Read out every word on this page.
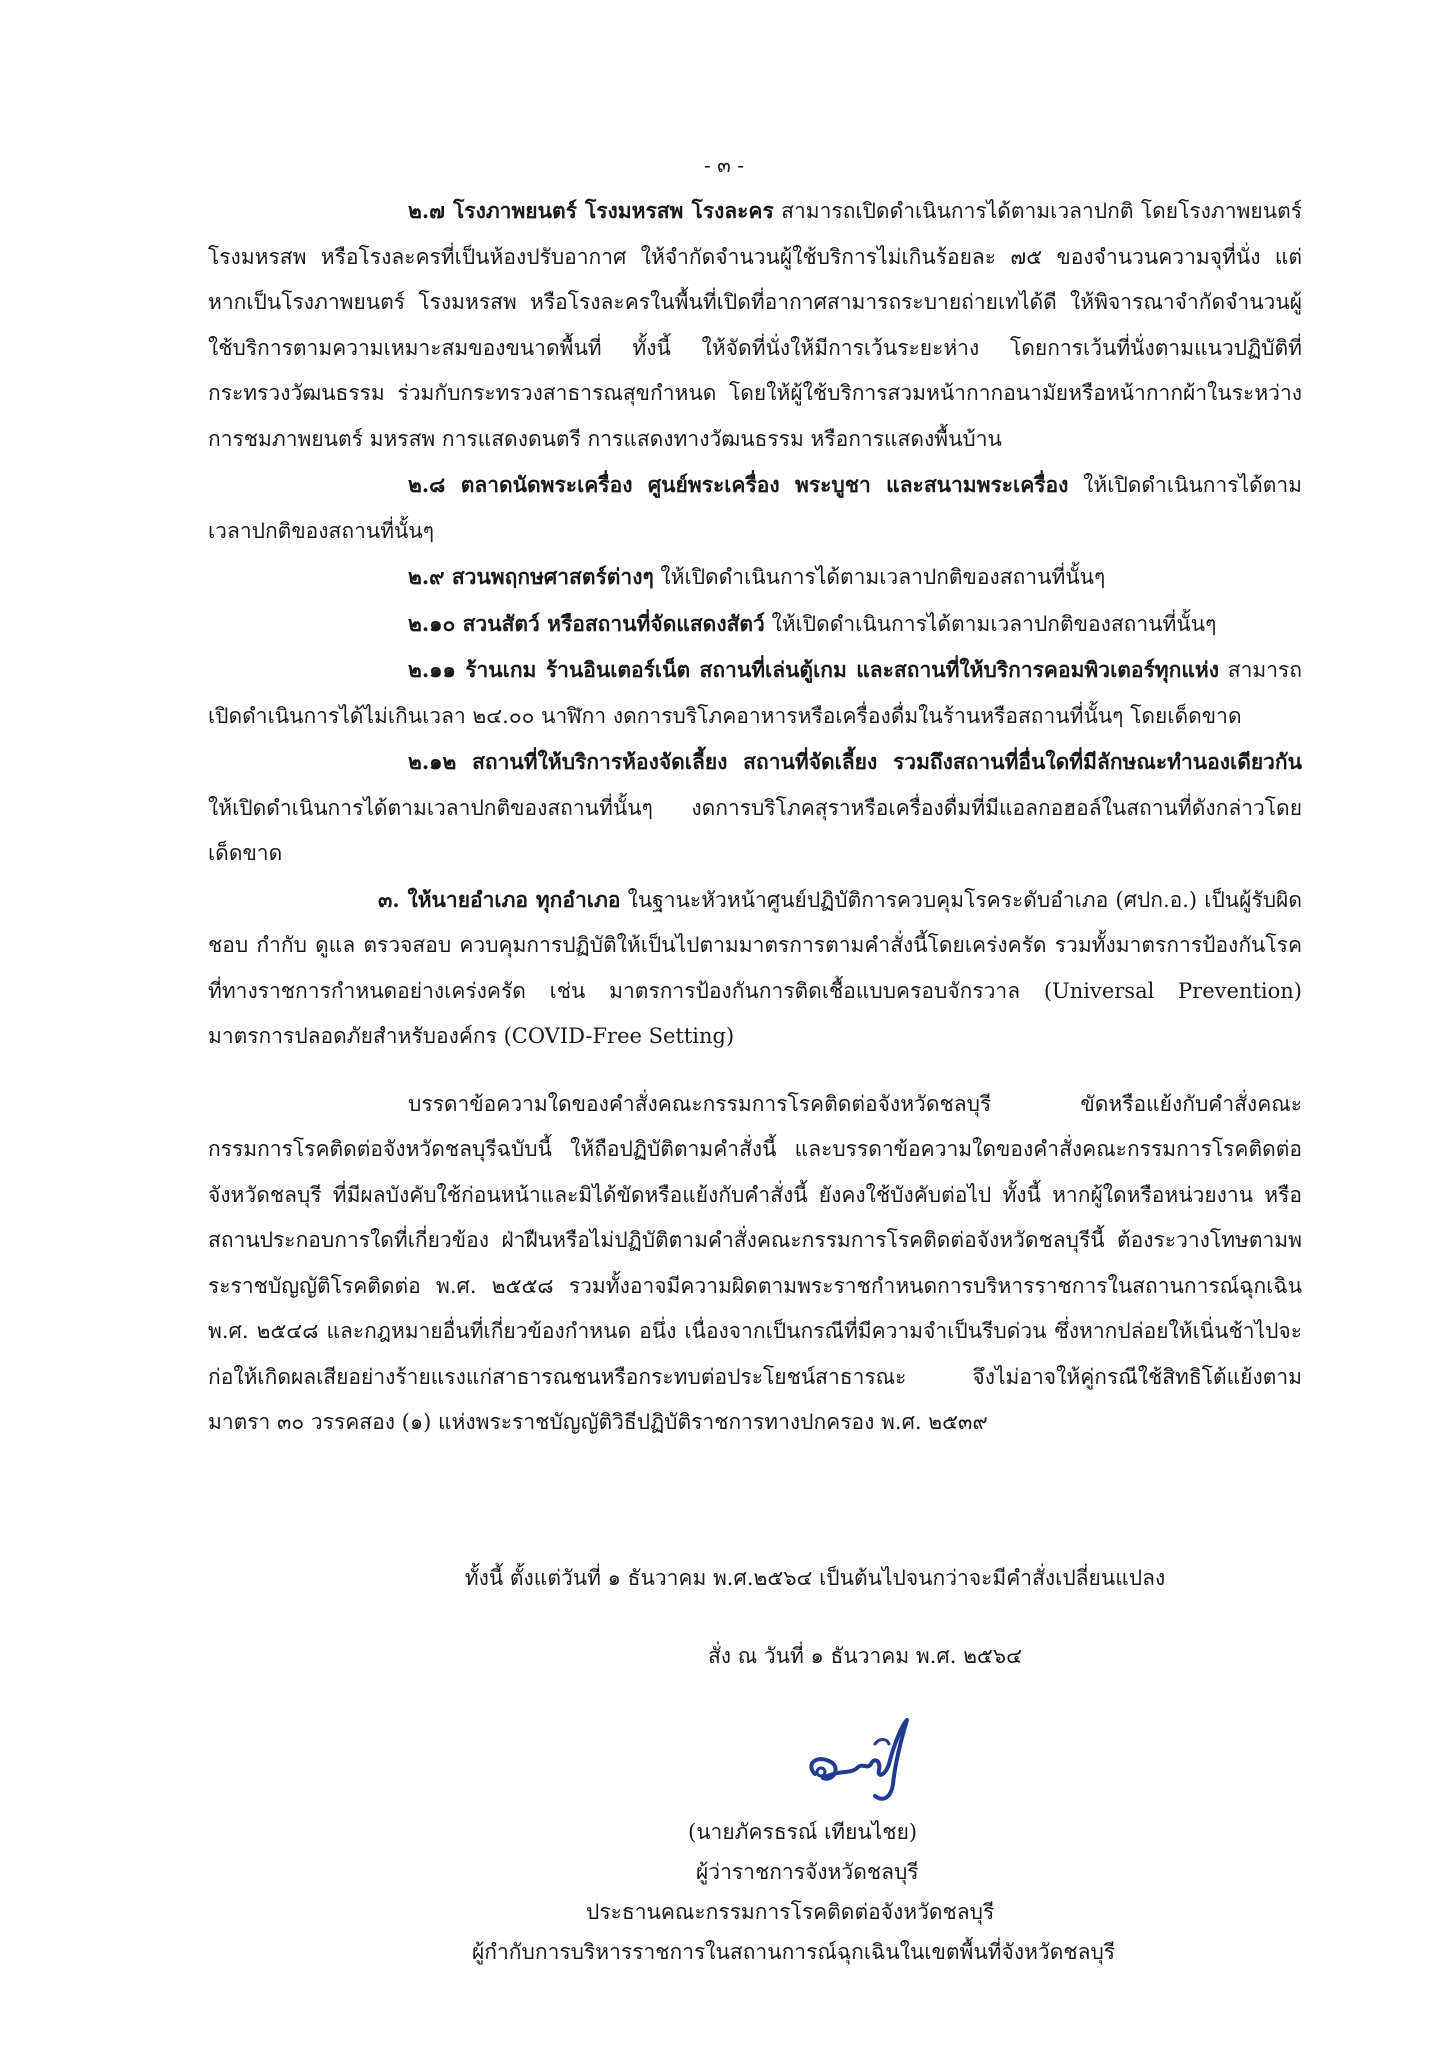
- ๓ -

๒.๗ โรงภาพยนตร์ โรงมหรสพ โรงละคร สามารถเปิดดำเนินการได้ตามเวลาปกติ โดยโรงภาพยนตร์ โรงมหรสพ หรือโรงละครที่เป็นห้องปรับอากาศ ให้จำกัดจำนวนผู้ใช้บริการไม่เกินร้อยละ ๗๕ ของจำนวนความจุที่นั่ง แต่หากเป็นโรงภาพยนตร์ โรงมหรสพ หรือโรงละครในพื้นที่เปิดที่อากาศสามารถระบายถ่ายเทได้ดี ให้พิจารณาจำกัดจำนวนผู้ใช้บริการตามความเหมาะสมของขนาดพื้นที่ ทั้งนี้ ให้จัดที่นั่งให้มีการเว้นระยะห่าง โดยการเว้นที่นั่งตามแนวปฏิบัติที่กระทรวงวัฒนธรรม ร่วมกับกระทรวงสาธารณสุขกำหนด โดยให้ผู้ใช้บริการสวมหน้ากากอนามัยหรือหน้ากากผ้าในระหว่างการชมภาพยนตร์ มหรสพ การแสดงดนตรี การแสดงทางวัฒนธรรม หรือการแสดงพื้นบ้าน

๒.๘ ตลาดนัดพระเครื่อง ศูนย์พระเครื่อง พระบูชา และสนามพระเครื่อง ให้เปิดดำเนินการได้ตามเวลาปกติของสถานที่นั้นๆ

๒.๙ สวนพฤกษศาสตร์ต่างๆ ให้เปิดดำเนินการได้ตามเวลาปกติของสถานที่นั้นๆ

๒.๑๐ สวนสัตว์ หรือสถานที่จัดแสดงสัตว์ ให้เปิดดำเนินการได้ตามเวลาปกติของสถานที่นั้นๆ

๒.๑๑ ร้านเกม ร้านอินเตอร์เน็ต สถานที่เล่นตู้เกม และสถานที่ให้บริการคอมพิวเตอร์ทุกแห่ง สามารถเปิดดำเนินการได้ไม่เกินเวลา ๒๔.๐๐ นาฬิกา งดการบริโภคอาหารหรือเครื่องดื่มในร้านหรือสถานที่นั้นๆ โดยเด็ดขาด

๒.๑๒ สถานที่ให้บริการห้องจัดเลี้ยง สถานที่จัดเลี้ยง รวมถึงสถานที่อื่นใดที่มีลักษณะทำนองเดียวกัน ให้เปิดดำเนินการได้ตามเวลาปกติของสถานที่นั้นๆ งดการบริโภคสุราหรือเครื่องดื่มที่มีแอลกอฮอล์ในสถานที่ดังกล่าวโดยเด็ดขาด

๓. ให้นายอำเภอ ทุกอำเภอ ในฐานะหัวหน้าศูนย์ปฏิบัติการควบคุมโรคระดับอำเภอ (ศปก.อ.) เป็นผู้รับผิดชอบ กำกับ ดูแล ตรวจสอบ ควบคุมการปฏิบัติให้เป็นไปตามมาตรการตามคำสั่งนี้โดยเคร่งครัด รวมทั้งมาตรการป้องกันโรคที่ทางราชการกำหนดอย่างเคร่งครัด เช่น มาตรการป้องกันการติดเชื้อแบบครอบจักรวาล (Universal Prevention) มาตรการปลอดภัยสำหรับองค์กร (COVID-Free Setting)

บรรดาข้อความใดของคำสั่งคณะกรรมการโรคติดต่อจังหวัดชลบุรี ขัดหรือแย้งกับคำสั่งคณะกรรมการโรคติดต่อจังหวัดชลบุรีฉบับนี้ ให้ถือปฏิบัติตามคำสั่งนี้ และบรรดาข้อความใดของคำสั่งคณะกรรมการโรคติดต่อจังหวัดชลบุรี ที่มีผลบังคับใช้ก่อนหน้าและมิได้ขัดหรือแย้งกับคำสั่งนี้ ยังคงใช้บังคับต่อไป ทั้งนี้ หากผู้ใดหรือหน่วยงาน หรือสถานประกอบการใดที่เกี่ยวข้อง ฝ่าฝืนหรือไม่ปฏิบัติตามคำสั่งคณะกรรมการโรคติดต่อจังหวัดชลบุรีนี้ ต้องระวางโทษตามพระราชบัญญัติโรคติดต่อ พ.ศ. ๒๕๕๘ รวมทั้งอาจมีความผิดตามพระราชกำหนดการบริหารราชการในสถานการณ์ฉุกเฉิน พ.ศ. ๒๕๔๘ และกฎหมายอื่นที่เกี่ยวข้องกำหนด อนึ่ง เนื่องจากเป็นกรณีที่มีความจำเป็นรีบด่วน ซึ่งหากปล่อยให้เนิ่นช้าไปจะก่อให้เกิดผลเสียอย่างร้ายแรงแก่สาธารณชนหรือกระทบต่อประโยชน์สาธารณะ จึงไม่อาจให้คู่กรณีใช้สิทธิโต้แย้งตามมาตรา ๓๐ วรรคสอง (๑) แห่งพระราชบัญญัติวิธีปฏิบัติราชการทางปกครอง พ.ศ. ๒๕๓๙

ทั้งนี้ ตั้งแต่วันที่ ๑ ธันวาคม พ.ศ.๒๕๖๔ เป็นต้นไปจนกว่าจะมีคำสั่งเปลี่ยนแปลง
สั่ง ณ วันที่ ๑ ธันวาคม พ.ศ. ๒๕๖๔
(นายภัครธรณ์ เทียนไชย)
ผู้ว่าราชการจังหวัดชลบุรี
ประธานคณะกรรมการโรคติดต่อจังหวัดชลบุรี
ผู้กำกับการบริหารราชการในสถานการณ์ฉุกเฉินในเขตพื้นที่จังหวัดชลบุรี
